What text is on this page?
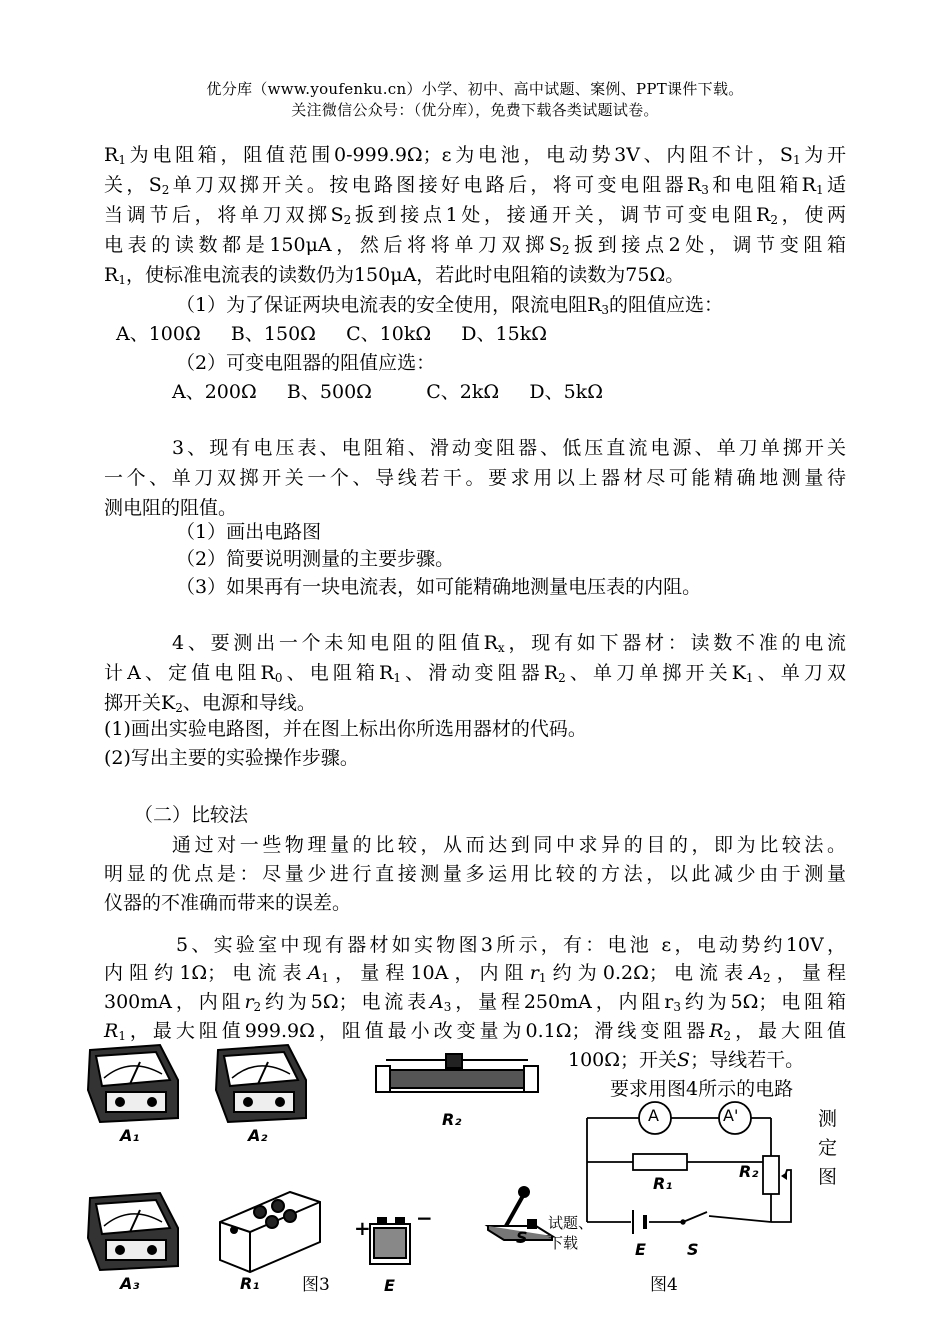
优分库（www.youfenku.cn）小学、初中、高中试题、案例、PPT课件下载。
关注微信公众号：（优分库），免费下载各类试题试卷。
$R_1$为电阻箱，阻值范围0-999.9Ω；ε为电池，电动势3V、内阻不计，$S_1$为开
关，$S_2$单刀双掷开关。按电路图接好电路后，将可变电阻器$R_3$和电阻箱$R_1$适
当调节后，将单刀双掷$S_2$扳到接点1处，接通开关，调节可变电阻$R_2$，使两
电表的读数都是150μA，然后将将单刀双掷$S_2$扳到接点2处，调节变阻箱
$R_1$，使标准电流表的读数仍为150μA，若此时电阻箱的读数为75Ω。
（1）为了保证两块电流表的安全使用，限流电阻$R_3$的阻值应选：
A、100Ω     B、150Ω     C、10kΩ     D、15kΩ
（2）可变电阻器的阻值应选：
A、200Ω     B、500Ω         C、2kΩ     D、5kΩ
3、现有电压表、电阻箱、滑动变阻器、低压直流电源、单刀单掷开关
一个、单刀双掷开关一个、导线若干。要求用以上器材尽可能精确地测量待
测电阻的阻值。
（1）画出电路图
（2）简要说明测量的主要步骤。
（3）如果再有一块电流表，如可能精确地测量电压表的内阻。
4、要测出一个未知电阻的阻值$R_x$，现有如下器材：读数不准的电流
计A、定值电阻$R_0$、电阻箱$R_1$、滑动变阻器$R_2$、单刀单掷开关$K_1$、单刀双
掷开关$K_2$、电源和导线。
(1)画出实验电路图，并在图上标出你所选用器材的代码。
(2)写出主要的实验操作步骤。
（二）比较法
通过对一些物理量的比较，从而达到同中求异的目的，即为比较法。
明显的优点是：尽量少进行直接测量多运用比较的方法，以此减少由于测量
仪器的不准确而带来的误差。
5、实验室中现有器材如实物图3所示，有：电池 ε，电动势约10V，
内阻约1Ω；电流表$A_1$，量程10A，内阻$r_1$约为0.2Ω；电流表$A_2$，量程
300mA，内阻$r_2$约为5Ω；电流表$A_3$，量程250mA，内阻$r_3$约为5Ω；电阻箱
$R_1$，最大阻值999.9Ω，阻值最小改变量为0.1Ω；滑线变阻器$R_2$，最大阻值
100Ω；开关S；导线若干。
要求用图4所示的电路
测
定
图
A₁	A₂
R₂
A₃	R₁	E
S
+ −	试题、
下载
图3
A	A'
R₁
R₂
E	S
图4
